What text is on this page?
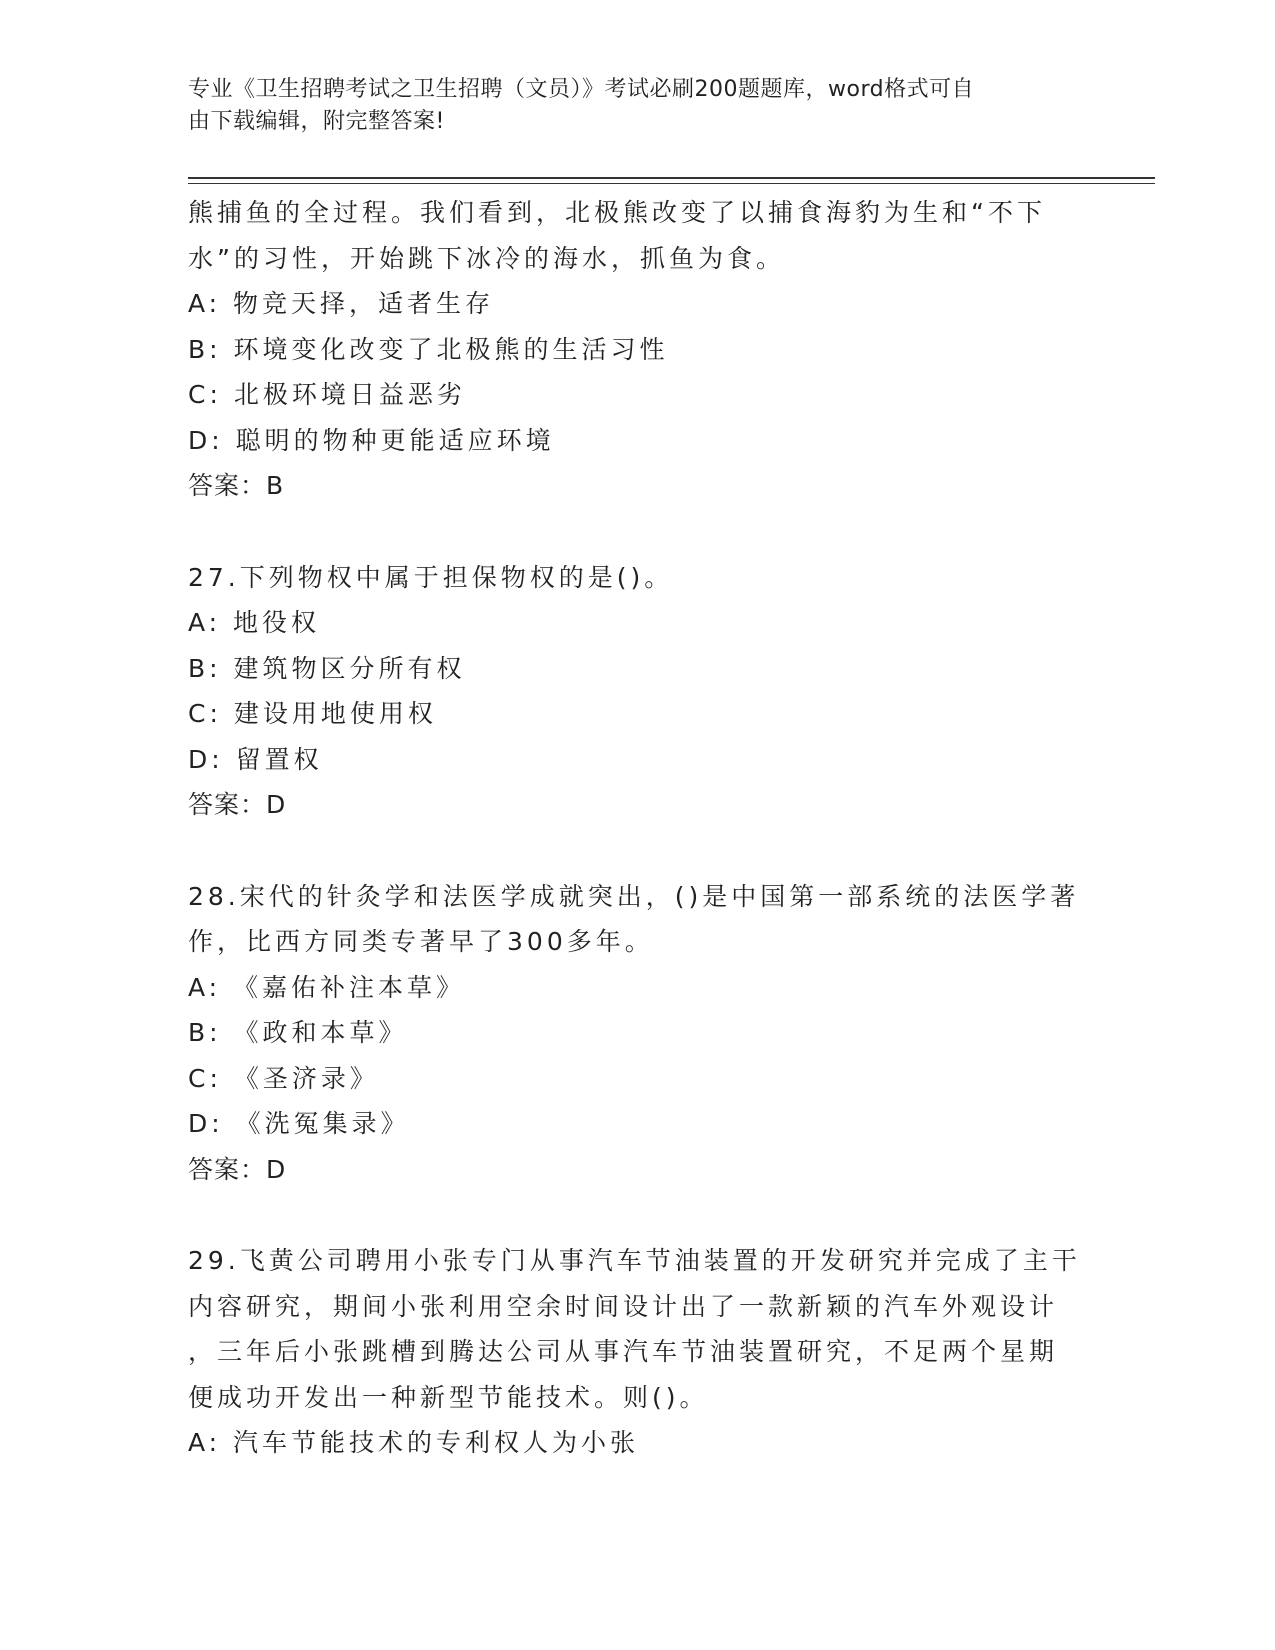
专业《卫生招聘考试之卫生招聘（文员）》考试必刷200题题库，word格式可自
由下载编辑，附完整答案!
熊捕鱼的全过程。我们看到，北极熊改变了以捕食海豹为生和“不下
水”的习性，开始跳下冰冷的海水，抓鱼为食。
A: 物竞天择，适者生存
B: 环境变化改变了北极熊的生活习性
C: 北极环境日益恶劣
D: 聪明的物种更能适应环境
答案：B
27.下列物权中属于担保物权的是()。
A: 地役权
B: 建筑物区分所有权
C: 建设用地使用权
D: 留置权
答案：D
28.宋代的针灸学和法医学成就突出，()是中国第一部系统的法医学著
作，比西方同类专著早了300多年。
A: 《嘉佑补注本草》
B: 《政和本草》
C: 《圣济录》
D: 《洗冤集录》
答案：D
29.飞黄公司聘用小张专门从事汽车节油装置的开发研究并完成了主干
内容研究，期间小张利用空余时间设计出了一款新颖的汽车外观设计
，三年后小张跳槽到腾达公司从事汽车节油装置研究，不足两个星期
便成功开发出一种新型节能技术。则()。
A: 汽车节能技术的专利权人为小张
